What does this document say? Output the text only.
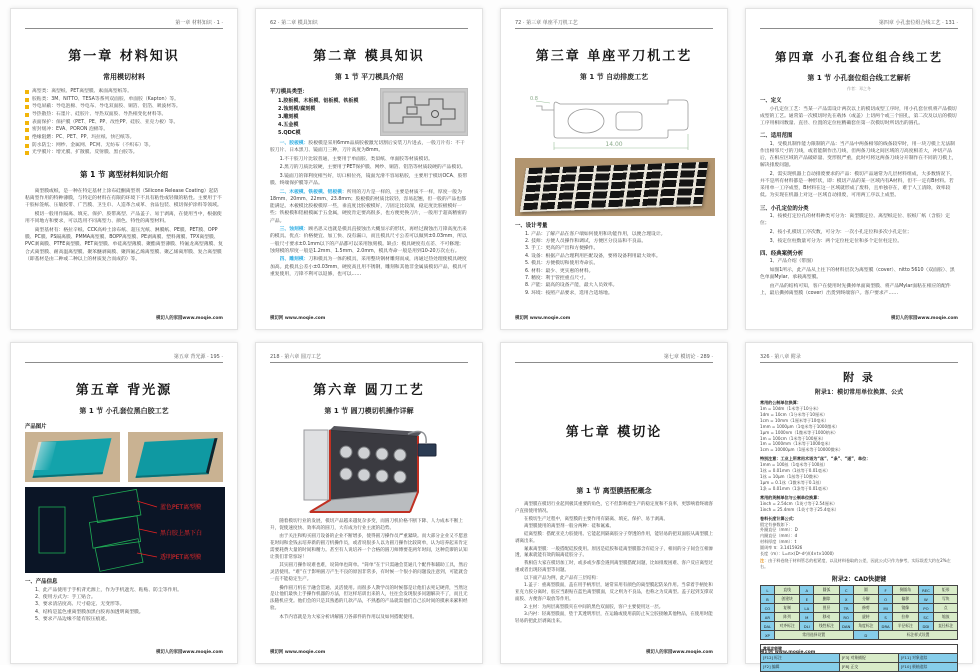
第一章 材料知识 · 1 ·
第一章 材料知识
常用模切材料
离型类：离型纸、PET离型膜、素面离型纸等。
胶粘类：3M、NITTO、TESA等系列双面胶、单面胶（Kapton）等。
导电屏蔽：导电泡棉、导电布、导电双面胶、铜箔、铝箔、吸波材等。
导热散热：石墨片、硅胶片、导热双面胶、导热相变化材料等。
表面保护：保护膜（PET、PE、PP、改性PP、硅胶、亚克力板）等。
密封缓冲：EVA、PORON 泡棉等。
绝缘阻燃：PC、PET、PP、玛拉纸、快巴纸等。
防水防尘：网纱、金属网、PC网、无纺布（不织布）等。
光学膜片：增光膜、扩散膜、反射膜、黑白胶等。
第 1 节 离型材料知识介绍

离型膜或纸，是一种在特定基材上涂布硅酮离型剂（Silicone Release Coating）起防粘离型作用的特种薄膜，与特定的材料在有限的环境下不具有粘性或轻微的粘性。主要用于不干胶标签纸、压敏胶带、广告膜、卫生巾、人造革合成革、食品包装、模切保护涂料等领域。

模切一般用作隔离、填充、保护、胶带离型、产品盖子、易于剥离，在使用当中，根据使用不同地方和要求，可以选用不同离型力、颜色、特性的离型材料。

离型基材有：格拉辛纸、CCK高岭土涂布纸、超压光纸、淋膜纸、PE膜、PET膜、OPP膜、PC膜、PS隔离膜、PMMA离型膜、BOPP离型膜、PE剥离膜、塑料薄膜、TPX离型膜、PVC剥离膜、PTFE离型膜、PET离型膜、单硅离型薄膜、聚酯离型薄膜、特氟龙离型薄膜、复合式离型膜、耐高温离型膜、聚苯醚剥离膜、聚四氟乙烯离型膜、聚乙烯离形膜、复合离型膜（即基材是由二种或二种以上的材质复合而成的）等。

模切人的家园www.moqie.com
62 · 第二章 模具知识
第二章 模具知识
第 1 节 平刀模具介绍
平刀模具类型：
1.胶板模、木板模、铝板模、铁板模
2.蚀刻模/腐刻模
3.雕刻模
4.五金模
5.QDC模

一、胶板模：胶板模是采用6mm品质胶板激光切割后安装刀片进去，一般刀片有：不干胶刀片、日本黑刀、镜面刀三种，刀片高度为8mm。

1.不干胶刀片比较普通，主要用于单面胶、类似纸、单面胶等材质模切。

2.黑刀的刀质比较硬，主要用于PET保护膜、网纱、铜箔、铝箔等材质较硬的产品模切。

3.镜面刀的锋利度相当好，切口相位亮，镜面光滑不容易粘胶，主要用于模切OCA、胶带膜、终端保护膜等产品。

二、木板模、铁板模、铝板模：所用的刀片是一样的，主要是材质不一样，厚度一般为18mm、20mm、22mm、23.8mm；胶板模的材质比较轻，容易起翘，但一般的产品也都能满足。木板模比胶板模厚一些，垂直度比胶板模好，刀固定比较深，稳定度比胶板模好一些；铁板模和铝板模属于五金属，硬度肯定要高很多，也方便更换刀片，一般用于超高精密的产品。

三、蚀刻模：顾名思义也就是模具直接蚀出大概显示的形状，再经过腐蚀出刀锋高度出来的模具。优点：价格便宜、加工快、没有漏口，而且模具尺寸公差可以做到±0.03mm，所以一般尺寸要求±0.1mm以下的产品都可以采用蚀刻模。缺点：模具硬度有点差、不可修理；蚀刻模的厚度一般是1.2mm、1.5mm、2.0mm，模具寿命一般是用到10-20万次左右。

四、雕刻模：刀和模具为一体的模具，采用整块钢材雕刻而成，再通过热处理使模具硬度加高。此模具公差小±0.03mm，硬度高且用不锈钢，雕刻和其他非金属质模切产品，模具可重复使用，刀锋不利可以返修，也可以……

模切网 www.moqie.com
72 · 第三章 单座平刀机工艺
第三章 单座平刀机工艺
第 1 节 自动排废工艺
14.00
0.8
一、设计考量
1. 产品：了解产品在客户端如何使用和功能作用，以便合理设计。
2. 技师：方便人员操作和调试，方便区分良品和不良品。
3. 手工：更高的产出和方便操作。
4. 设备：根据产品合理利用匹配设备，要将设备利用最大效率。
5. 模具：方便模切和使用寿命长。
6. 材料：最少、更实惠的材料。
7. 精度：利于管控重点尺寸。
8. 产能：最高的设备产能，最大人员效率。
9. 环境：按照产品要求，选用合适场地。
模切网 www.moqie.com
第四章 小孔套位组合线工艺 · 131 ·
第四章 小孔套位组合线工艺
第 1 节 小孔套位组合线工艺解析
作者：邓之冬
一、定义

小孔定位工艺：当某一产品需设计两次以上的模切成型工序时，用小孔套位机将产品模切成型的工艺。通常第一次模切时先在载体（或盖）上切两个或三个圆孔，第二次及以后的模切工序用相同数量、直径、位置的定位柱精确套住第一次模切时所切出的圆孔。

二、适用范围

1、受模具制作能力限制的产品：当产品中两条相邻的线条较窄时，用一块刀模上无法制作出相邻尺寸的刀线，或者能制作出刀线，但两条刀线之间区域的刀高度相差大，冲切产品后，在相应区域的产品破碎量、变形很严重，此时可将这两条刀线分开制作在不同的刀模上，解决排废问题。

2、需实现机器上自动排废要求的产品：模切产品通常为几层材料组成，大多数情况下，并不是所有材料都是一种形状，即：模切产品的某一区域内有A材料，但不一定有B材料。若采用单一工序成型，B材料在这一区域就形成了废料，且单独存在，难于人工清除，效率较低。为实现在机器上对这一区域自动排废，可用两工序以上成型。

三、小孔定位的分类

1、按被打定位孔的材料种类可分为：离型膜定位、离型纸定位、胶纸厂纸（含胶）定位；

2、按小孔模切工序次数，可分为：一次小孔定位和多次小孔定位；

3、按定位柱数量可分为：两个定位柱定位和多个定位柱定位。

四、经典案例分析

1、产品介绍（带图）

如图1所示，此产品从上往下的材料层次为离型膜（cover）、nitto 5610（双面胶）、黑色单面Mylar、承载离型膜。

由产品的结构可知，客户在使用时先撕掉单面离型膜、将产品Mylar面粘在相应的配件上，最后撕掉离型膜（cover）出货到终端客户。客户要求产……

模切人的家园www.moqie.com
第五章 背光源 · 195 ·
第五章 背光源
第 1 节 小孔套位黑白胶工艺
产品图片
蓝色PET离型膜
黑白胶上黑下白
透明PET离型膜
一、产品信息
1、此产品使用于手机背光源上，作为手机遮光、粘贴、防尘等作用。
2、使用方式为：手工贴合。
3、要求清洁度高、尺寸稳定、无变形等。
4、结构是蓝色重离型膜加黑白胶再加透明离型膜。
5、要求产品边缘不能有胶压痕迹。
模切人的家园www.moqie.com
218 · 第六章 圆刀工艺
第六章 圆刀工艺
第 1 节 圆刀模切机操作详解

随着模切行业的发展，模切产品越来越复杂多变，而圆刀机价格不断下降、人力成本不断上升，促使速度快、效率高的圆刀，大有成为行业主流的趋势。

由于关注和购买圆刀设备的企业不断增多，使得圆刀操作员严重紧缺。而大部分企业又不愿意花时间和金钱去培养新的圆刀机操作员，或者说很多人以为圆刀操作比较简单，认为培养起来肯定需要耗费大量的时间和精力。甚至有人说培养一个合格的圆刀师傅要花两年时间，这种荒谬的认知让我们非常惊讶！

其实圆刀操作说难也难，说简单也简单。“简单”在于只需融会贯通几个配件和辅助工具，然后灵活使用。“难”在于影响圆刀产生不良的原因非常多，有时候一个很小的问题没注意到，可能就会一直不能稳定生产。

操作圆刀机在于融会贯通、灵活使用。而很多人教学员的时候都是让他们去死记硬背，当然这是让他们最快上手操作机器的方法，但这样培训出来的人，往往会发现很多问题解决不了，而且无法随机应变。他们会的只是其熟悉的几款产品，不熟悉的产品就需他们自己长时间的摸索来累积经验。

本节内容就是为大家分析讲解圆刀各部件的作用以及如何搭配使用。

模切网 www.moqie.com
第七章 模切论 · 289 ·
第七章 模切论
第 1 节 离型膜搭配概念

离型膜在模切行业起到极其重要的角色，它不但影响着生产的稳定度和不良率，更影响着终端客户直接使用情况。

在模切生产过程中，离型膜的主要作用有隔离、填充、保护、易于剥离。

离型膜使用的离型剂一般分两种：硅和氟素。

硅离型膜：搭配亚克力胶使用。它能起到隔离胶分子穿透的作用，能轻易的把双面胶从离型膜上剥离出来。

氟素离型膜：一般搭配硅胶使用。原因是硅胶和硅离型膜都含有硅分子，相同的分子间会互相渗透，氟素就能有效的隔离硅胶分子。

我相信大家在模切加工时，或多或少都会遇到离型膜搭配问题，比如排废困难、客户反应离型过重或者出现轻离型等问题。

以下面产品为例，此产品有三层结构：

1.盖子：重离型膜面，盖在用手柄形层，通常采用有颜色的离型膜起防呆作用。当拿着手柄处和亚克力胶分离时，胶应当跟贴在蓝色离型膜面，反之则为不良品，也称之为反离型。盖子起到支撑双面胶、方便客户取放等作用。

2.主材：为两层离型膜夹在中间的黑色双面胶，客户主要使用这一层。

3.内衬：轻离型膜面，垫于其透明形层，在运输或使用前防止灰尘胶接触其他物品，在使用时能轻易的把此层剥离出来。

模切人的家园www.moqie.com
326 · 第八章 附录
附 录
附录1：模切常用单位换算、公式
常用的公制单位换算：
1m = 10dm（1米等于10分米）
1dm = 10cm（1分米等于10厘米）
1cm = 10mm（1厘米等于10毫米）
1mm = 1000μm（1毫米等于1000微米）
1μm = 1000nm（1微米等于1000纳米）
1m = 100cm（1米等于100厘米）
1m = 1000mm（1米等于1000毫米）
1cm = 10000μm（1厘米等于10000微米）
特别注意：工业上所常用术语为“丝”、“条”、“道”，单位：
1mm = 100丝（1毫米等于100丝）
1丝 = 0.01mm（1丝等于0.01毫米）
1丝 = 10μm（1丝等于10微米）
1μm = 0.1丝（1微米等于0.1丝）
1条 = 0.01mm（1条等于0.01毫米）
常用的英制单位与公制单位换算：
1inch = 2.54cm（1英寸等于2.54厘米）
1inch = 25.4mm（1英寸等于25.4毫米）
卷料长度计算公式：
假定有参数如下：
外圈直径（mm）：D
内圈直径（mm）：d
材料厚度（mm）：t
圆周率 π：3.1415926
长度（m）：L=π×(D²-d²)/(4×t×1000)
注：由于料卷绕于材料管芯的松紧度，以及材料卷取的公差，因此公式只作为参考，实际误差大约在2%左右。
附录2：CAD快捷键
L	直线	A	圆弧	C	圆	F	倒圆角	REC	矩形
B	创建块	E	删除	X	分解	O	偏移	W	写块
CO	复制	LA	图层	TR	修剪	MI	镜像	PO	点
AR	阵列	M	移动	RO	旋转	S	拉伸	SC	缩放
DAL	对齐标注	DLI	线性标注	DAN	角度标注	DRA	半径标注	DDI	直径标注
XP	常用选择设置				D	标注样式设置			
常用功能键		
[F12] 标注	[F3] 对象捕捉	[F11] 对象追踪
[F2] 编辑	[F8] 正交	[F10] 极轴追踪
模切网 www.moqie.com
